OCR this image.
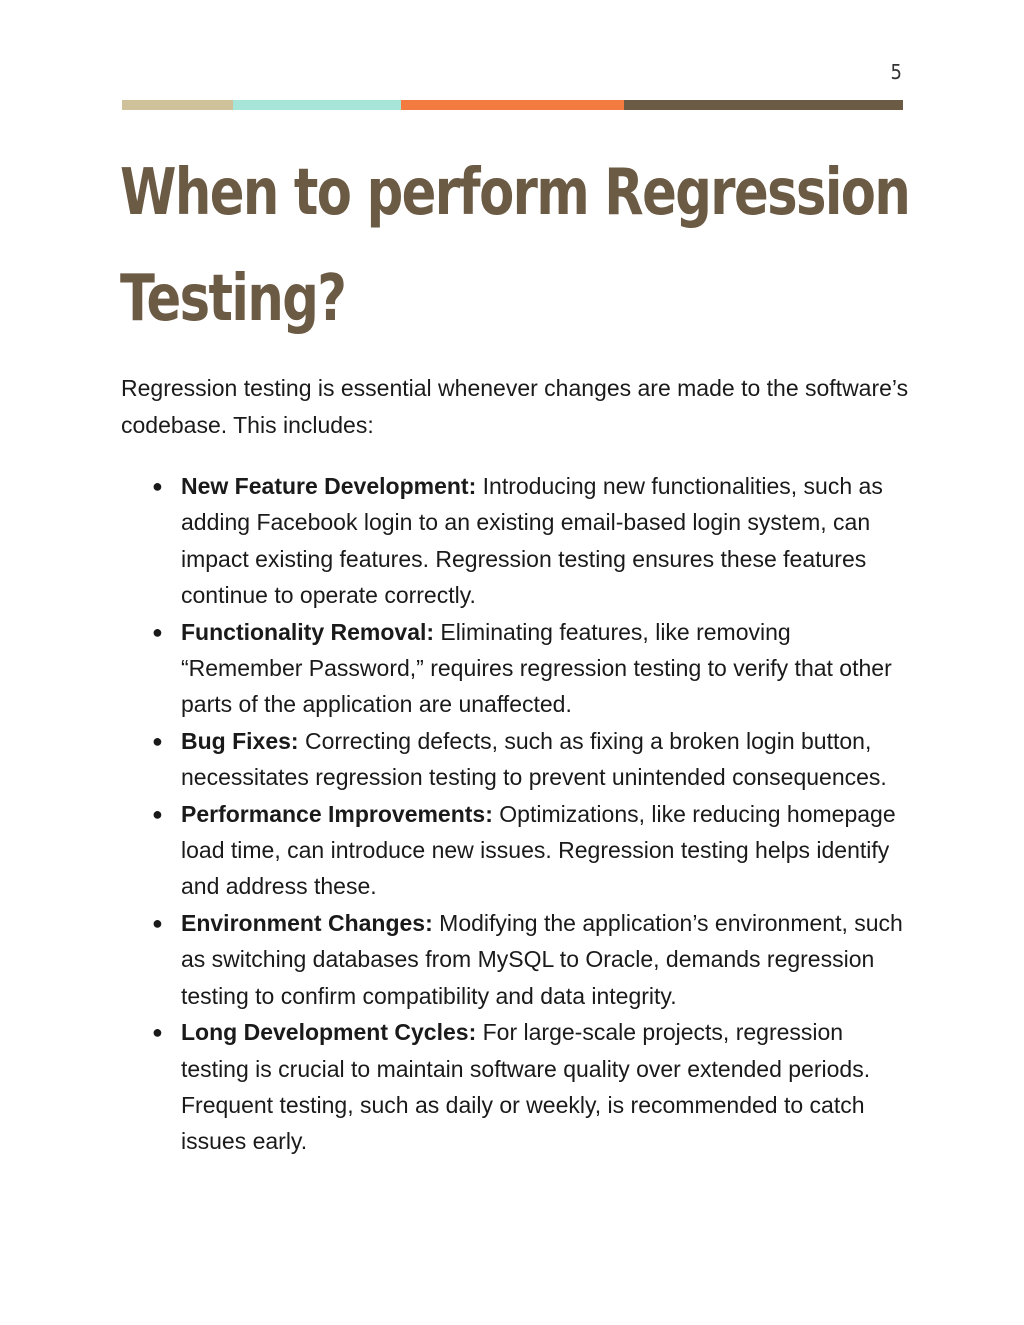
5
When to perform Regression Testing?

Regression testing is essential whenever changes are made to the software’s codebase. This includes:

● New Feature Development: Introducing new functionalities, such as adding Facebook login to an existing email-based login system, can impact existing features. Regression testing ensures these features continue to operate correctly.
● Functionality Removal: Eliminating features, like removing “Remember Password,” requires regression testing to verify that other parts of the application are unaffected.
● Bug Fixes: Correcting defects, such as fixing a broken login button, necessitates regression testing to prevent unintended consequences.
● Performance Improvements: Optimizations, like reducing homepage load time, can introduce new issues. Regression testing helps identify and address these.
● Environment Changes: Modifying the application’s environment, such as switching databases from MySQL to Oracle, demands regression testing to confirm compatibility and data integrity.
● Long Development Cycles: For large-scale projects, regression testing is crucial to maintain software quality over extended periods. Frequent testing, such as daily or weekly, is recommended to catch issues early.
